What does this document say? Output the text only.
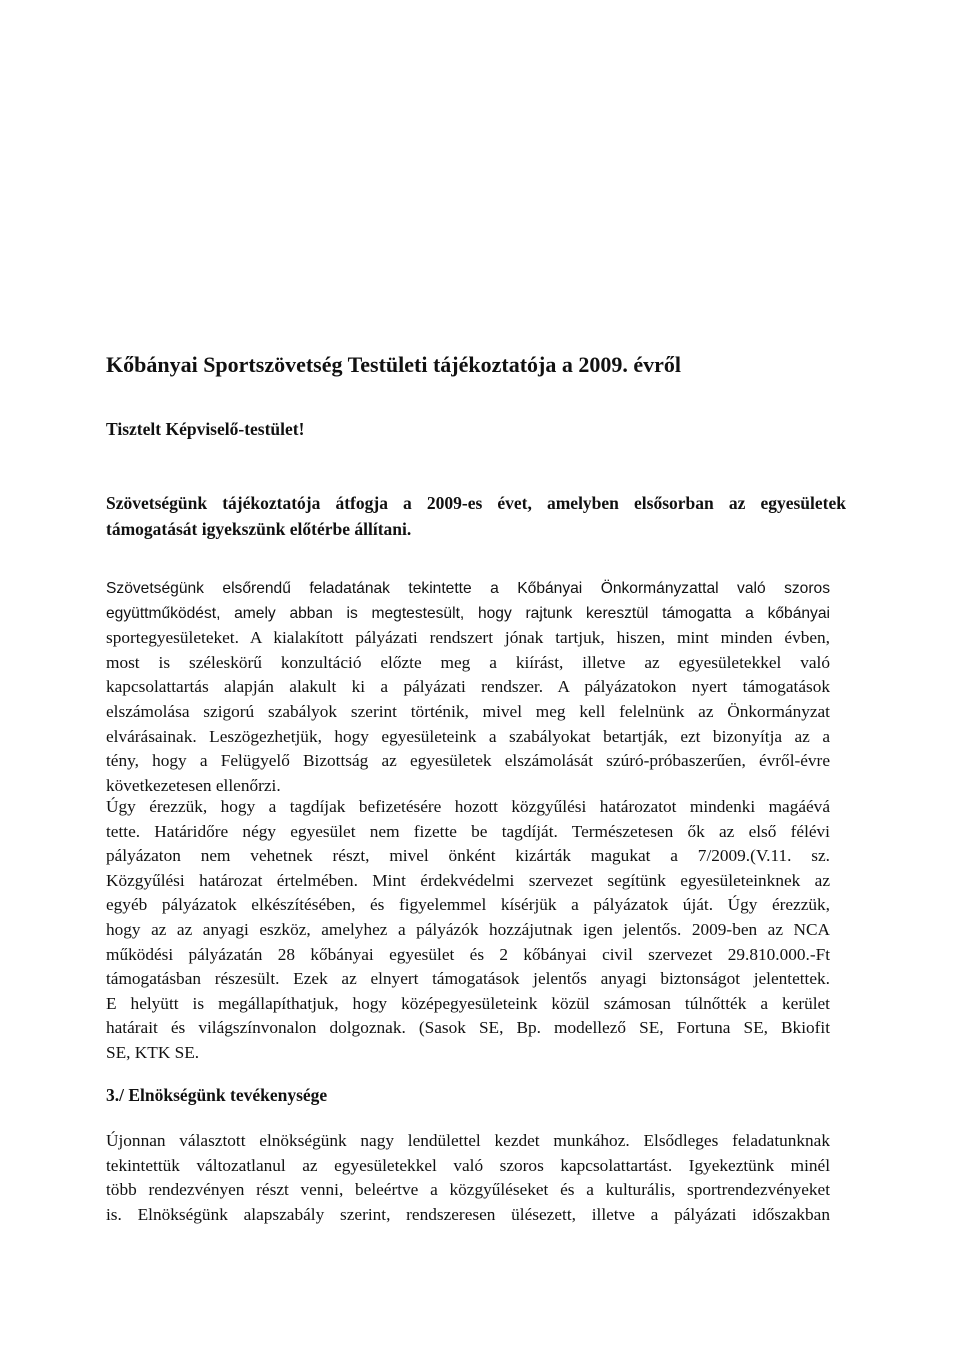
Kőbányai Sportszövetség Testületi tájékoztatója a 2009. évről

Tisztelt Képviselő-testület!

Szövetségünk tájékoztatója átfogja a 2009-es évet, amelyben elsősorban az egyesületek
támogatását igyekszünk előtérbe állítani.

Szövetségünk elsőrendű feladatának tekintette a Kőbányai Önkormányzattal való szoros
együttműködést, amely abban is megtestesült, hogy rajtunk keresztül támogatta a kőbányai
sportegyesületeket. A kialakított pályázati rendszert jónak tartjuk, hiszen, mint minden évben,
most is széleskörű konzultáció előzte meg a kiírást, illetve az egyesületekkel való
kapcsolattartás alapján alakult ki a pályázati rendszer. A pályázatokon nyert támogatások
elszámolása szigorú szabályok szerint történik, mivel meg kell felelnünk az Önkormányzat
elvárásainak. Leszögezhetjük, hogy egyesületeink a szabályokat betartják, ezt bizonyítja az a
tény, hogy a Felügyelő Bizottság az egyesületek elszámolását szúró-próbaszerűen, évről-évre
következetesen ellenőrzi.

Úgy érezzük, hogy a tagdíjak befizetésére hozott közgyűlési határozatot mindenki magáévá
tette. Határidőre négy egyesület nem fizette be tagdíját. Természetesen ők az első félévi
pályázaton nem vehetnek részt, mivel önként kizárták magukat a 7/2009.(V.11. sz.
Közgyűlési határozat értelmében. Mint érdekvédelmi szervezet segítünk egyesületeinknek az
egyéb pályázatok elkészítésében, és figyelemmel kísérjük a pályázatok úját. Úgy érezzük,
hogy az az anyagi eszköz, amelyhez a pályázók hozzájutnak igen jelentős. 2009-ben az NCA
működési pályázatán 28 kőbányai egyesület és 2 kőbányai civil szervezet 29.810.000.-Ft
támogatásban részesült. Ezek az elnyert támogatások jelentős anyagi biztonságot jelentettek.
E helyütt is megállapíthatjuk, hogy középegyesületeink közül számosan túlnőtték a kerület
határait és világszínvonalon dolgoznak. (Sasok SE, Bp. modellező SE, Fortuna SE, Bkiofit
SE, KTK SE.

3./ Elnökségünk tevékenysége

Újonnan választott elnökségünk nagy lendülettel kezdet munkához. Elsődleges feladatunknak
tekintettük változatlanul az egyesületekkel való szoros kapcsolattartást. Igyekeztünk minél
több rendezvényen részt venni, beleértve a közgyűléseket és a kulturális, sportrendezvényeket
is. Elnökségünk alapszabály szerint, rendszeresen ülésezett, illetve a pályázati időszakban
